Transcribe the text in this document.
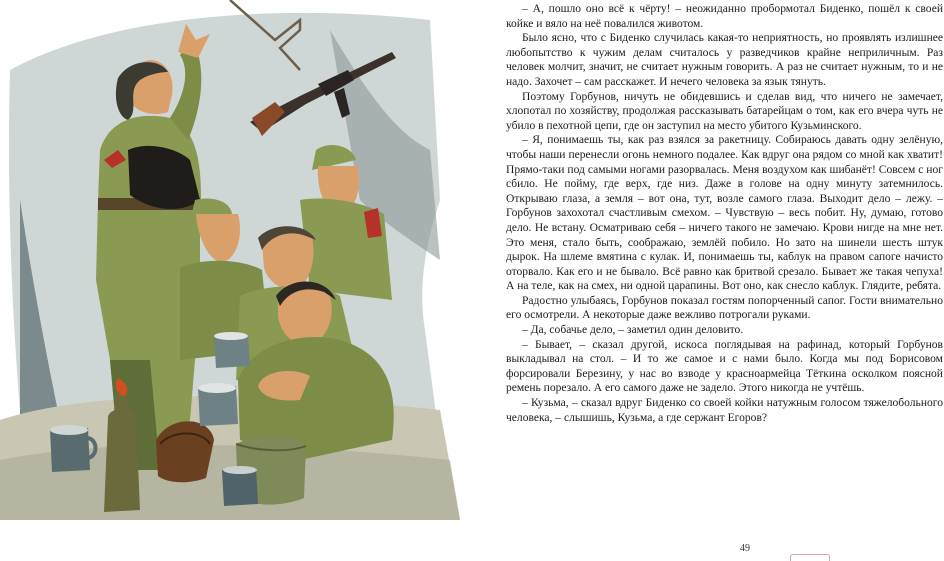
– А, пошло оно всё к чёрту! – неожиданно пробормотал Биденко, пошёл к своей койке и вяло на неё повалился животом.

Было ясно, что с Биденко случилась какая-то неприятность, но проявлять излишнее любопытство к чужим делам считалось у разведчиков крайне неприличным. Раз человек молчит, значит, не считает нужным говорить. А раз не считает нужным, то и не надо. Захочет – сам расскажет. И нечего человека за язык тянуть.

Поэтому Горбунов, ничуть не обидевшись и сделав вид, что ничего не замечает, хлопотал по хозяйству, продолжая рассказывать батарейцам о том, как его вчера чуть не убило в пехотной цепи, где он заступил на место убитого Кузьминского.

– Я, понимаешь ты, как раз взялся за ракетницу. Собираюсь давать одну зелёную, чтобы наши перенесли огонь немного подалее. Как вдруг она рядом со мной как хватит! Прямо-таки под самыми ногами разорвалась. Меня воздухом как шибанёт! Совсем с ног сбило. Не пойму, где верх, где низ. Даже в голове на одну минуту затемнилось. Открываю глаза, а земля – вот она, тут, возле самого глаза. Выходит дело – лежу. – Горбунов захохотал счастливым смехом. – Чувствую – весь побит. Ну, думаю, готово дело. Не встану. Осматриваю себя – ничего такого не замечаю. Крови нигде на мне нет. Это меня, стало быть, соображаю, землёй побило. Но зато на шинели шесть штук дырок. На шлеме вмятина с кулак. И, понимаешь ты, каблук на правом сапоге начисто оторвало. Как его и не бывало. Всё равно как бритвой срезало. Бывает же такая чепуха! А на теле, как на смех, ни одной царапины. Вот оно, как снесло каблук. Глядите, ребята.

Радостно улыбаясь, Горбунов показал гостям попорченный сапог. Гости внимательно его осмотрели. А некоторые даже вежливо потрогали руками.

– Да, собачье дело, – заметил один деловито.

– Бывает, – сказал другой, искоса поглядывая на рафинад, который Горбунов выкладывал на стол. – И то же самое и с нами было. Когда мы под Борисовом форсировали Березину, у нас во взводе у красноармейца Тёткина осколком поясной ремень порезало. А его самого даже не задело. Этого никогда не учтёшь.

– Кузьма, – сказал вдруг Биденко со своей койки натужным голосом тяжелобольного человека, – слышишь, Кузьма, а где сержант Егоров?

49
